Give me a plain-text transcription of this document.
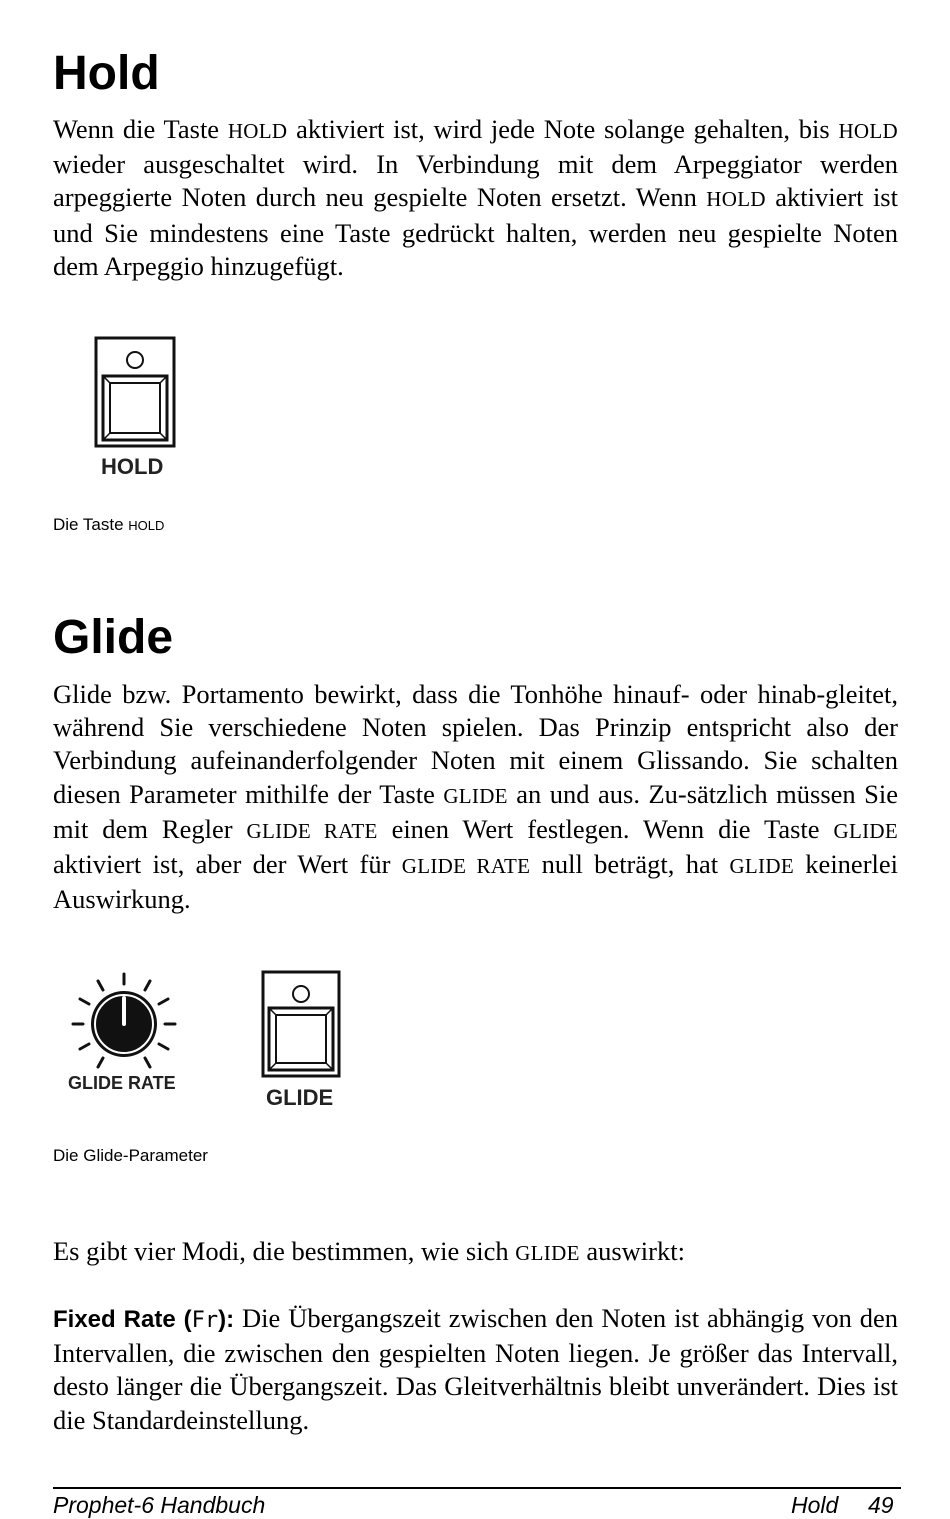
Hold

Wenn die Taste HOLD aktiviert ist, wird jede Note solange gehalten, bis HOLD wieder ausgeschaltet wird. In Verbindung mit dem Arpeggiator werden arpeggierte Noten durch neu gespielte Noten ersetzt. Wenn HOLD aktiviert ist und Sie mindestens eine Taste gedrückt halten, werden neu gespielte Noten dem Arpeggio hinzugefügt.

HOLD
Die Taste HOLD
Glide

Glide bzw. Portamento bewirkt, dass die Tonhöhe hinauf- oder hinab-gleitet, während Sie verschiedene Noten spielen. Das Prinzip entspricht also der Verbindung aufeinanderfolgender Noten mit einem Glissando. Sie schalten diesen Parameter mithilfe der Taste GLIDE an und aus. Zu-sätzlich müssen Sie mit dem Regler GLIDE RATE einen Wert festlegen. Wenn die Taste GLIDE aktiviert ist, aber der Wert für GLIDE RATE null beträgt, hat GLIDE keinerlei Auswirkung.

GLIDE RATE
GLIDE
Die Glide-Parameter

Es gibt vier Modi, die bestimmen, wie sich GLIDE auswirkt:

Fixed Rate (Fr): Die Übergangszeit zwischen den Noten ist abhängig von den Intervallen, die zwischen den gespielten Noten liegen. Je größer das Intervall, desto länger die Übergangszeit. Das Gleitverhältnis bleibt unverändert. Dies ist die Standardeinstellung.

Prophet-6 Handbuch	Hold 49
